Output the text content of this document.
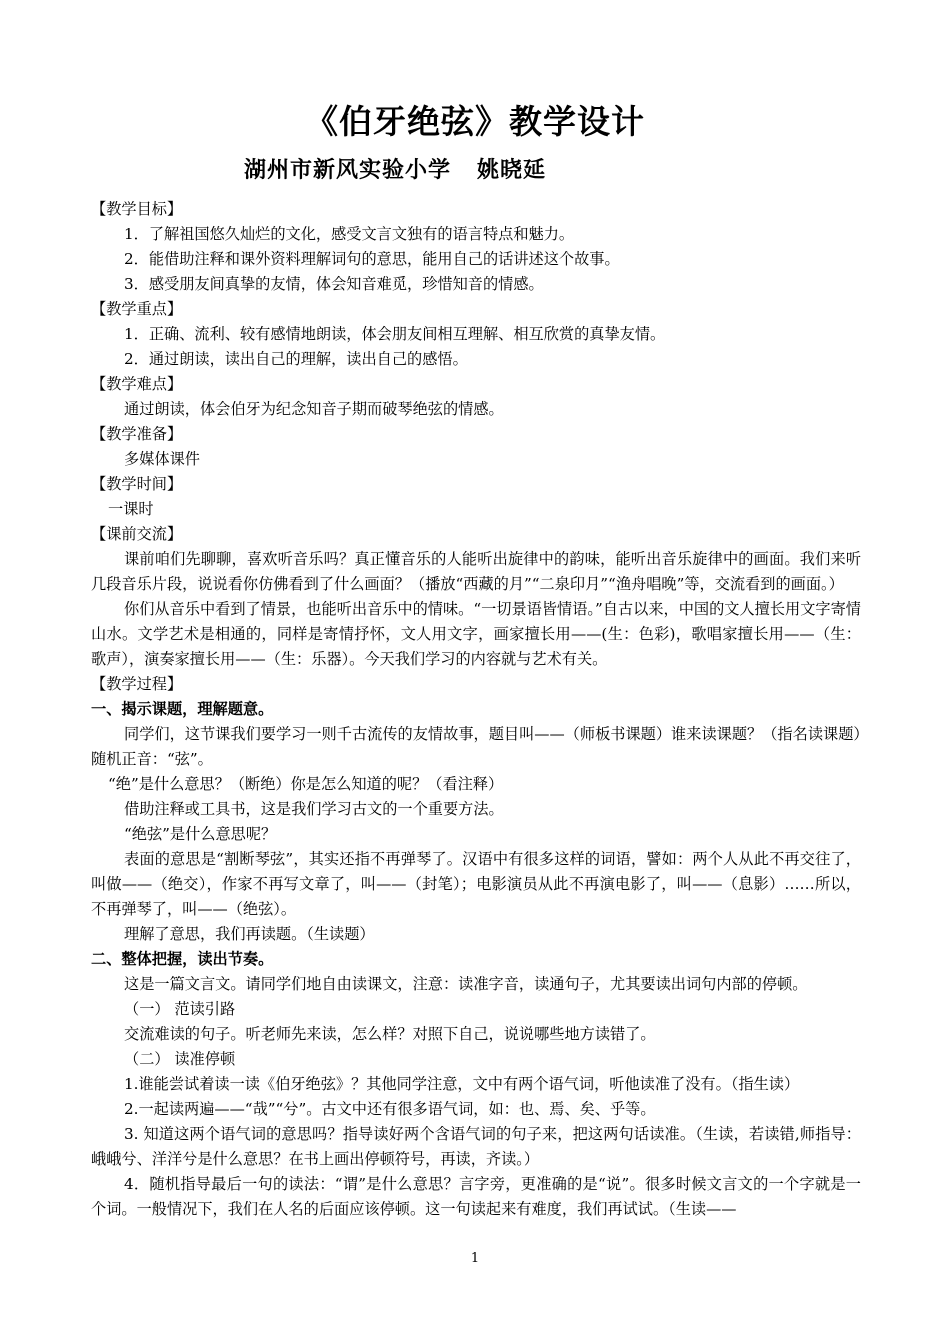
《伯牙绝弦》教学设计
湖州市新风实验小学   姚晓延

【教学目标】

1．了解祖国悠久灿烂的文化，感受文言文独有的语言特点和魅力。

2．能借助注释和课外资料理解词句的意思，能用自己的话讲述这个故事。

3．感受朋友间真挚的友情，体会知音难觅，珍惜知音的情感。

【教学重点】

1．正确、流利、较有感情地朗读，体会朋友间相互理解、相互欣赏的真挚友情。

2．通过朗读，读出自己的理解，读出自己的感悟。

【教学难点】

通过朗读，体会伯牙为纪念知音子期而破琴绝弦的情感。

【教学准备】

多媒体课件

【教学时间】

一课时

【课前交流】

课前咱们先聊聊，喜欢听音乐吗？真正懂音乐的人能听出旋律中的韵味，能听出音乐旋律中的画面。我们来听几段音乐片段，说说看你仿佛看到了什么画面？（播放“西藏的月”“二泉印月”“渔舟唱晚”等，交流看到的画面。）

你们从音乐中看到了情景，也能听出音乐中的情味。“一切景语皆情语。”自古以来，中国的文人擅长用文字寄情山水。文学艺术是相通的，同样是寄情抒怀，文人用文字，画家擅长用——(生：色彩)，歌唱家擅长用——（生：歌声），演奏家擅长用——（生：乐器）。今天我们学习的内容就与艺术有关。

【教学过程】

一、揭示课题，理解题意。

同学们，这节课我们要学习一则千古流传的友情故事，题目叫——（师板书课题）谁来读课题？（指名读课题）随机正音：“弦”。

“绝”是什么意思？（断绝）你是怎么知道的呢？（看注释）

借助注释或工具书，这是我们学习古文的一个重要方法。

“绝弦”是什么意思呢？

表面的意思是“割断琴弦”，其实还指不再弹琴了。汉语中有很多这样的词语，譬如：两个人从此不再交往了，叫做——（绝交），作家不再写文章了，叫——（封笔）；电影演员从此不再演电影了，叫——（息影）……所以，不再弹琴了，叫——（绝弦）。

理解了意思，我们再读题。（生读题）

二、整体把握，读出节奏。

这是一篇文言文。请同学们地自由读课文，注意：读准字音，读通句子，尤其要读出词句内部的停顿。

（一） 范读引路

交流难读的句子。听老师先来读，怎么样？对照下自己，说说哪些地方读错了。

（二） 读准停顿

1.谁能尝试着读一读《伯牙绝弦》？其他同学注意，文中有两个语气词，听他读准了没有。（指生读）

2.一起读两遍——“哉”“兮”。古文中还有很多语气词，如：也、焉、矣、乎等。

3. 知道这两个语气词的意思吗？指导读好两个含语气词的句子来，把这两句话读准。（生读，若读错,师指导：峨峨兮、洋洋兮是什么意思？在书上画出停顿符号，再读，齐读。）

4．随机指导最后一句的读法：“谓”是什么意思？言字旁，更准确的是“说”。很多时候文言文的一个字就是一个词。一般情况下，我们在人名的后面应该停顿。这一句读起来有难度，我们再试试。（生读——

1
